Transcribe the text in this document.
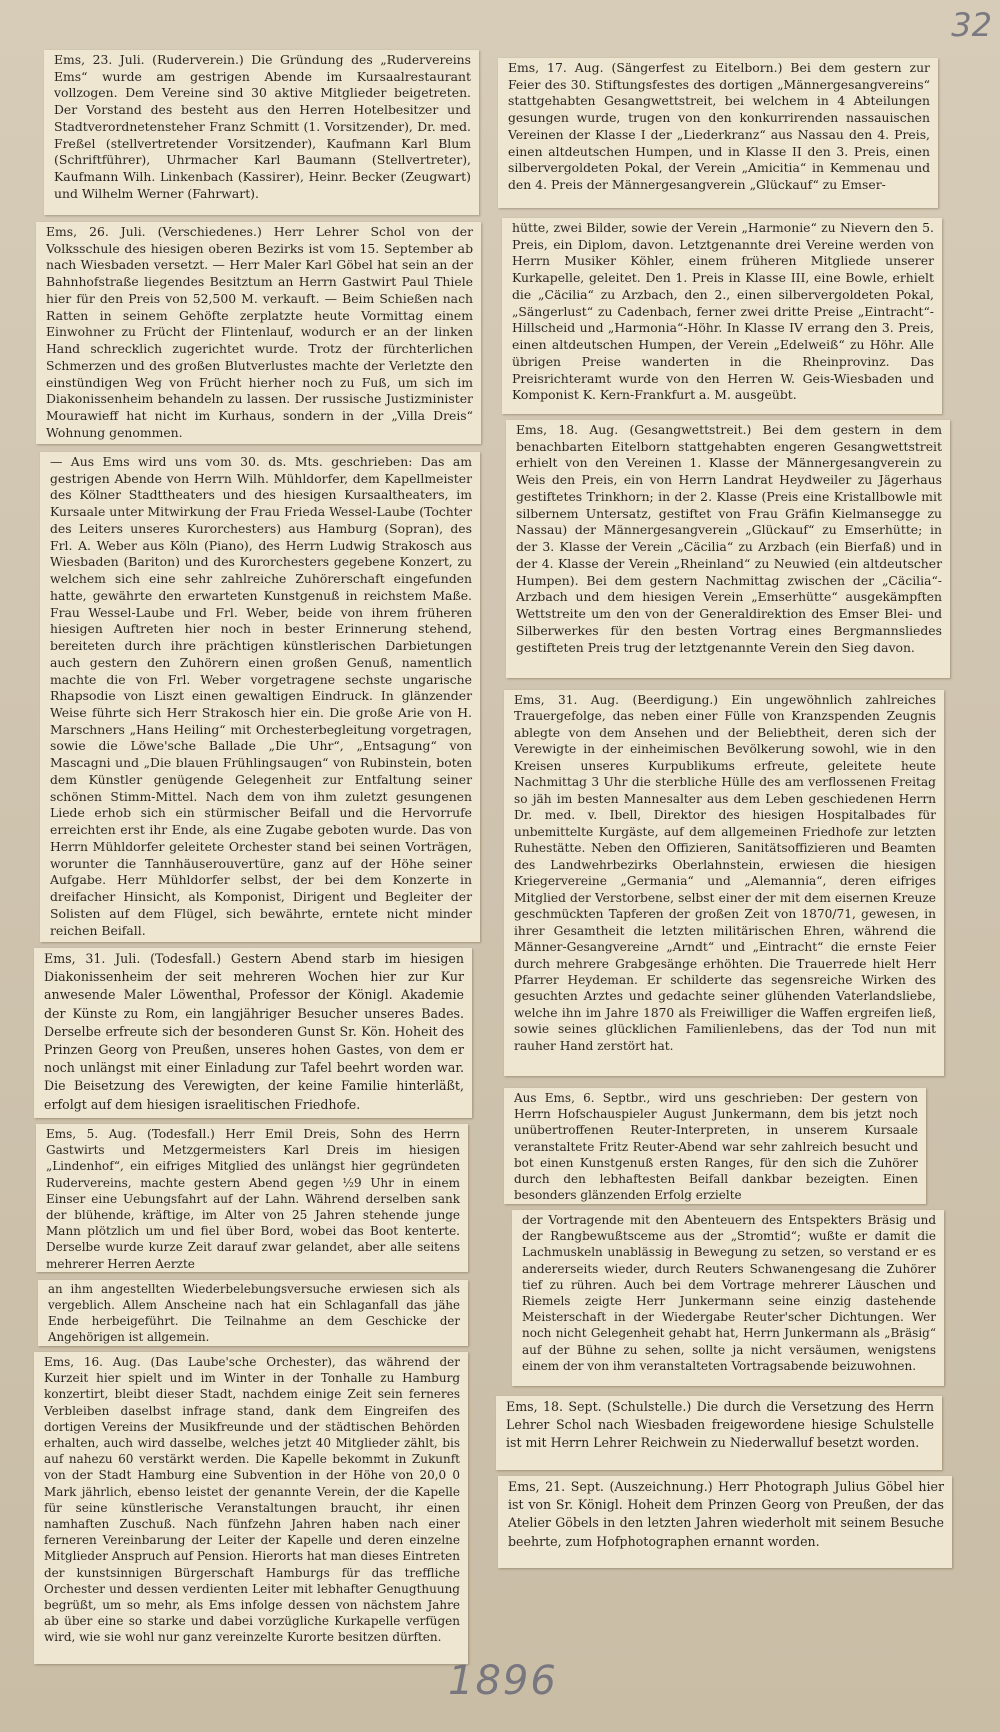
32

Ems, 23. Juli. (Ruderverein.) Die Gründung des „Rudervereins Ems“ wurde am gestrigen Abende im Kursaalrestaurant vollzogen. Dem Vereine sind 30 aktive Mitglieder beigetreten. Der Vorstand des besteht aus den Herren Hotelbesitzer und Stadtverordnetensteher Franz Schmitt (1. Vorsitzender), Dr. med. Freßel (stellvertretender Vorsitzender), Kaufmann Karl Blum (Schriftführer), Uhrmacher Karl Baumann (Stellvertreter), Kaufmann Wilh. Linkenbach (Kassirer), Heinr. Becker (Zeugwart) und Wilhelm Werner (Fahrwart).

Ems, 26. Juli. (Verschiedenes.) Herr Lehrer Schol von der Volksschule des hiesigen oberen Bezirks ist vom 15. September ab nach Wiesbaden versetzt. — Herr Maler Karl Göbel hat sein an der Bahnhofstraße liegendes Besitztum an Herrn Gastwirt Paul Thiele hier für den Preis von 52,500 M. verkauft. — Beim Schießen nach Ratten in seinem Gehöfte zerplatzte heute Vormittag einem Einwohner zu Frücht der Flintenlauf, wodurch er an der linken Hand schrecklich zugerichtet wurde. Trotz der fürchterlichen Schmerzen und des großen Blutverlustes machte der Verletzte den einstündigen Weg von Frücht hierher noch zu Fuß, um sich im Diakonissenheim behandeln zu lassen. Der russische Justizminister Mourawieff hat nicht im Kurhaus, sondern in der „Villa Dreis“ Wohnung genommen.

— Aus Ems wird uns vom 30. ds. Mts. geschrieben: Das am gestrigen Abende von Herrn Wilh. Mühldorfer, dem Kapellmeister des Kölner Stadttheaters und des hiesigen Kursaaltheaters, im Kursaale unter Mitwirkung der Frau Frieda Wessel-Laube (Tochter des Leiters unseres Kurorchesters) aus Hamburg (Sopran), des Frl. A. Weber aus Köln (Piano), des Herrn Ludwig Strakosch aus Wiesbaden (Bariton) und des Kurorchesters gegebene Konzert, zu welchem sich eine sehr zahlreiche Zuhörerschaft eingefunden hatte, gewährte den erwarteten Kunstgenuß in reichstem Maße. Frau Wessel-Laube und Frl. Weber, beide von ihrem früheren hiesigen Auftreten hier noch in bester Erinnerung stehend, bereiteten durch ihre prächtigen künstlerischen Darbietungen auch gestern den Zuhörern einen großen Genuß, namentlich machte die von Frl. Weber vorgetragene sechste ungarische Rhapsodie von Liszt einen gewaltigen Eindruck. In glänzender Weise führte sich Herr Strakosch hier ein. Die große Arie von H. Marschners „Hans Heiling“ mit Orchesterbegleitung vorgetragen, sowie die Löwe'sche Ballade „Die Uhr“, „Entsagung“ von Mascagni und „Die blauen Frühlingsaugen“ von Rubinstein, boten dem Künstler genügende Gelegenheit zur Entfaltung seiner schönen Stimm-Mittel. Nach dem von ihm zuletzt gesungenen Liede erhob sich ein stürmischer Beifall und die Hervorrufe erreichten erst ihr Ende, als eine Zugabe geboten wurde. Das von Herrn Mühldorfer geleitete Orchester stand bei seinen Vorträgen, worunter die Tannhäuserouvertüre, ganz auf der Höhe seiner Aufgabe. Herr Mühldorfer selbst, der bei dem Konzerte in dreifacher Hinsicht, als Komponist, Dirigent und Begleiter der Solisten auf dem Flügel, sich bewährte, erntete nicht minder reichen Beifall.

Ems, 31. Juli. (Todesfall.) Gestern Abend starb im hiesigen Diakonissenheim der seit mehreren Wochen hier zur Kur anwesende Maler Löwenthal, Professor der Königl. Akademie der Künste zu Rom, ein langjähriger Besucher unseres Bades. Derselbe erfreute sich der besonderen Gunst Sr. Kön. Hoheit des Prinzen Georg von Preußen, unseres hohen Gastes, von dem er noch unlängst mit einer Einladung zur Tafel beehrt worden war. Die Beisetzung des Verewigten, der keine Familie hinterläßt, erfolgt auf dem hiesigen israelitischen Friedhofe.

Ems, 5. Aug. (Todesfall.) Herr Emil Dreis, Sohn des Herrn Gastwirts und Metzgermeisters Karl Dreis im hiesigen „Lindenhof“, ein eifriges Mitglied des unlängst hier gegründeten Rudervereins, machte gestern Abend gegen ½9 Uhr in einem Einser eine Uebungsfahrt auf der Lahn. Während derselben sank der blühende, kräftige, im Alter von 25 Jahren stehende junge Mann plötzlich um und fiel über Bord, wobei das Boot kenterte. Derselbe wurde kurze Zeit darauf zwar gelandet, aber alle seitens mehrerer Herren Aerzte

an ihm angestellten Wiederbelebungsversuche erwiesen sich als vergeblich. Allem Anscheine nach hat ein Schlaganfall das jähe Ende herbeigeführt. Die Teilnahme an dem Geschicke der Angehörigen ist allgemein.

Ems, 16. Aug. (Das Laube'sche Orchester), das während der Kurzeit hier spielt und im Winter in der Tonhalle zu Hamburg konzertirt, bleibt dieser Stadt, nachdem einige Zeit sein ferneres Verbleiben daselbst infrage stand, dank dem Eingreifen des dortigen Vereins der Musikfreunde und der städtischen Behörden erhalten, auch wird dasselbe, welches jetzt 40 Mitglieder zählt, bis auf nahezu 60 verstärkt werden. Die Kapelle bekommt in Zukunft von der Stadt Hamburg eine Subvention in der Höhe von 20,0 0 Mark jährlich, ebenso leistet der genannte Verein, der die Kapelle für seine künstlerische Veranstaltungen braucht, ihr einen namhaften Zuschuß. Nach fünfzehn Jahren haben nach einer ferneren Vereinbarung der Leiter der Kapelle und deren einzelne Mitglieder Anspruch auf Pension. Hierorts hat man dieses Eintreten der kunstsinnigen Bürgerschaft Hamburgs für das treffliche Orchester und dessen verdienten Leiter mit lebhafter Genugthuung begrüßt, um so mehr, als Ems infolge dessen von nächstem Jahre ab über eine so starke und dabei vorzügliche Kurkapelle verfügen wird, wie sie wohl nur ganz vereinzelte Kurorte besitzen dürften.

Ems, 17. Aug. (Sängerfest zu Eitelborn.) Bei dem gestern zur Feier des 30. Stiftungsfestes des dortigen „Männergesangvereins“ stattgehabten Gesangwettstreit, bei welchem in 4 Abteilungen gesungen wurde, trugen von den konkurrirenden nassauischen Vereinen der Klasse I der „Liederkranz“ aus Nassau den 4. Preis, einen altdeutschen Humpen, und in Klasse II den 3. Preis, einen silbervergoldeten Pokal, der Verein „Amicitia“ in Kemmenau und den 4. Preis der Männergesangverein „Glückauf“ zu Emser-

hütte, zwei Bilder, sowie der Verein „Harmonie“ zu Nievern den 5. Preis, ein Diplom, davon. Letztgenannte drei Vereine werden von Herrn Musiker Köhler, einem früheren Mitgliede unserer Kurkapelle, geleitet. Den 1. Preis in Klasse III, eine Bowle, erhielt die „Cäcilia“ zu Arzbach, den 2., einen silbervergoldeten Pokal, „Sängerlust“ zu Cadenbach, ferner zwei dritte Preise „Eintracht“-Hillscheid und „Harmonia“-Höhr. In Klasse IV errang den 3. Preis, einen altdeutschen Humpen, der Verein „Edelweiß“ zu Höhr. Alle übrigen Preise wanderten in die Rheinprovinz. Das Preisrichteramt wurde von den Herren W. Geis-Wiesbaden und Komponist K. Kern-Frankfurt a. M. ausgeübt.

Ems, 18. Aug. (Gesangwettstreit.) Bei dem gestern in dem benachbarten Eitelborn stattgehabten engeren Gesangwettstreit erhielt von den Vereinen 1. Klasse der Männergesangverein zu Weis den Preis, ein von Herrn Landrat Heydweiler zu Jägerhaus gestiftetes Trinkhorn; in der 2. Klasse (Preis eine Kristallbowle mit silbernem Untersatz, gestiftet von Frau Gräfin Kielmansegge zu Nassau) der Männergesangverein „Glückauf“ zu Emserhütte; in der 3. Klasse der Verein „Cäcilia“ zu Arzbach (ein Bierfaß) und in der 4. Klasse der Verein „Rheinland“ zu Neuwied (ein altdeutscher Humpen). Bei dem gestern Nachmittag zwischen der „Cäcilia“-Arzbach und dem hiesigen Verein „Emserhütte“ ausgekämpften Wettstreite um den von der Generaldirektion des Emser Blei- und Silberwerkes für den besten Vortrag eines Bergmannsliedes gestifteten Preis trug der letztgenannte Verein den Sieg davon.

Ems, 31. Aug. (Beerdigung.) Ein ungewöhnlich zahlreiches Trauergefolge, das neben einer Fülle von Kranzspenden Zeugnis ablegte von dem Ansehen und der Beliebtheit, deren sich der Verewigte in der einheimischen Bevölkerung sowohl, wie in den Kreisen unseres Kurpublikums erfreute, geleitete heute Nachmittag 3 Uhr die sterbliche Hülle des am verflossenen Freitag so jäh im besten Mannesalter aus dem Leben geschiedenen Herrn Dr. med. v. Ibell, Direktor des hiesigen Hospitalbades für unbemittelte Kurgäste, auf dem allgemeinen Friedhofe zur letzten Ruhestätte. Neben den Offizieren, Sanitätsoffizieren und Beamten des Landwehrbezirks Oberlahnstein, erwiesen die hiesigen Kriegervereine „Germania“ und „Alemannia“, deren eifriges Mitglied der Verstorbene, selbst einer der mit dem eisernen Kreuze geschmückten Tapferen der großen Zeit von 1870/71, gewesen, in ihrer Gesamtheit die letzten militärischen Ehren, während die Männer-Gesangvereine „Arndt“ und „Eintracht“ die ernste Feier durch mehrere Grabgesänge erhöhten. Die Trauerrede hielt Herr Pfarrer Heydeman. Er schilderte das segensreiche Wirken des gesuchten Arztes und gedachte seiner glühenden Vaterlandsliebe, welche ihn im Jahre 1870 als Freiwilliger die Waffen ergreifen ließ, sowie seines glücklichen Familienlebens, das der Tod nun mit rauher Hand zerstört hat.

Aus Ems, 6. Septbr., wird uns geschrieben: Der gestern von Herrn Hofschauspieler August Junkermann, dem bis jetzt noch unübertroffenen Reuter-Interpreten, in unserem Kursaale veranstaltete Fritz Reuter-Abend war sehr zahlreich besucht und bot einen Kunstgenuß ersten Ranges, für den sich die Zuhörer durch den lebhaftesten Beifall dankbar bezeigten. Einen besonders glänzenden Erfolg erzielte

der Vortragende mit den Abenteuern des Entspekters Bräsig und der Rangbewußtsceme aus der „Stromtid“; wußte er damit die Lachmuskeln unablässig in Bewegung zu setzen, so verstand er es andererseits wieder, durch Reuters Schwanengesang die Zuhörer tief zu rühren. Auch bei dem Vortrage mehrerer Läuschen und Riemels zeigte Herr Junkermann seine einzig dastehende Meisterschaft in der Wiedergabe Reuter'scher Dichtungen. Wer noch nicht Gelegenheit gehabt hat, Herrn Junkermann als „Bräsig“ auf der Bühne zu sehen, sollte ja nicht versäumen, wenigstens einem der von ihm veranstalteten Vortragsabende beizuwohnen.

Ems, 18. Sept. (Schulstelle.) Die durch die Versetzung des Herrn Lehrer Schol nach Wiesbaden freigewordene hiesige Schulstelle ist mit Herrn Lehrer Reichwein zu Niederwalluf besetzt worden.

Ems, 21. Sept. (Auszeichnung.) Herr Photograph Julius Göbel hier ist von Sr. Königl. Hoheit dem Prinzen Georg von Preußen, der das Atelier Göbels in den letzten Jahren wiederholt mit seinem Besuche beehrte, zum Hofphotographen ernannt worden.

1896
